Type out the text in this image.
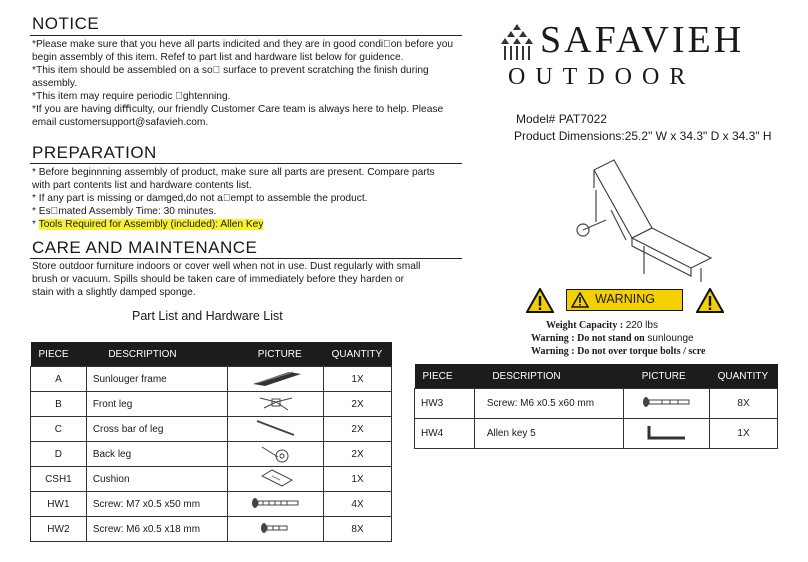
NOTICE
*Please make sure that you heve all parts indicited and they are in good condi on before you
begin assembly of this item. Refef to part list and hardware list below for guidence.
*This item should be assembled on a so  surface to prevent scratching the ﬁnish during
assembly.
*This item may require periodic  ghtenning.
*If you are having diﬃculty, our friendly Customer Care team is always here to help. Please
email customersupport@safavieh.com.
PREPARATION
* Before beginnning assembly of product, make sure all parts are present. Compare parts
with part contents list and hardware contents list.
* If any part is missing or damged,do not a empt to assemble the product.
* Es mated Assembly Time: 30 minutes.
* Tools Required for Assembly (included): Allen Key
CARE AND MAINTENANCE
Store outdoor furniture indoors or cover well when not in use. Dust regularly with small
brush or vacuum. Spills should be taken care of immediately before they harden or
stain with a slightly damped sponge.
SAFAVIEH
OUTDOOR
Model# PAT7022
Product Dimensions:25.2" W x 34.3" D x 34.3" H
WARNING
Weight Capacity : 220 lbs
Warning : Do not stand on sunlounge
Warning : Do not over torque bolts / scre
Part List and Hardware List
PIECE	DESCRIPTION	PICTURE	QUANTITY
A	Sunlouger frame		1X
B	Front leg		2X
C	Cross bar of leg		2X
D	Back leg		2X
CSH1	Cushion		1X
HW1	Screw: M7 x0.5 x50 mm		4X
HW2	Screw: M6 x0.5 x18 mm		8X
PIECE	DESCRIPTION	PICTURE	QUANTITY
HW3	Screw: M6 x0.5 x60 mm		8X
HW4	Allen key 5		1X
